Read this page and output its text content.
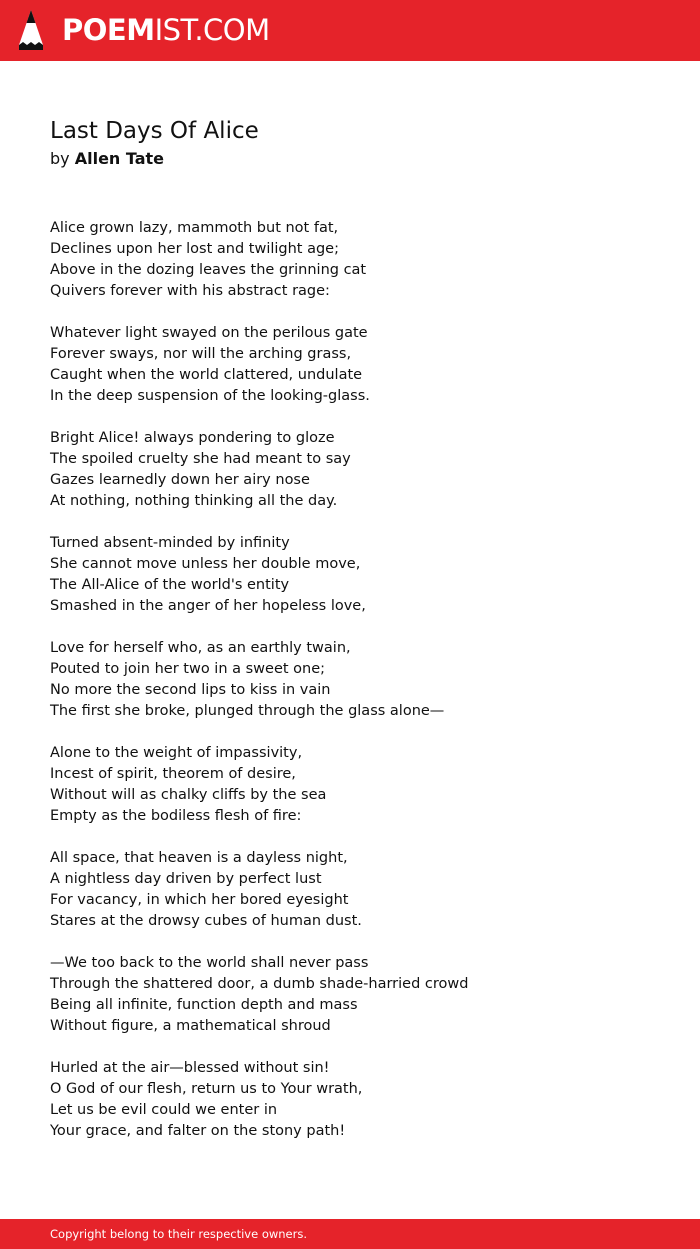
POEMIST.COM
Last Days Of Alice
by Allen Tate
Alice grown lazy, mammoth but not fat,
Declines upon her lost and twilight age;
Above in the dozing leaves the grinning cat
Quivers forever with his abstract rage:
Whatever light swayed on the perilous gate
Forever sways, nor will the arching grass,
Caught when the world clattered, undulate
In the deep suspension of the looking-glass.
Bright Alice! always pondering to gloze
The spoiled cruelty she had meant to say
Gazes learnedly down her airy nose
At nothing, nothing thinking all the day.
Turned absent-minded by infinity
She cannot move unless her double move,
The All-Alice of the world's entity
Smashed in the anger of her hopeless love,
Love for herself who, as an earthly twain,
Pouted to join her two in a sweet one;
No more the second lips to kiss in vain
The first she broke, plunged through the glass alone—
Alone to the weight of impassivity,
Incest of spirit, theorem of desire,
Without will as chalky cliffs by the sea
Empty as the bodiless flesh of fire:
All space, that heaven is a dayless night,
A nightless day driven by perfect lust
For vacancy, in which her bored eyesight
Stares at the drowsy cubes of human dust.
—We too back to the world shall never pass
Through the shattered door, a dumb shade-harried crowd
Being all infinite, function depth and mass
Without figure, a mathematical shroud
Hurled at the air—blessed without sin!
O God of our flesh, return us to Your wrath,
Let us be evil could we enter in
Your grace, and falter on the stony path!
Copyright belong to their respective owners.
